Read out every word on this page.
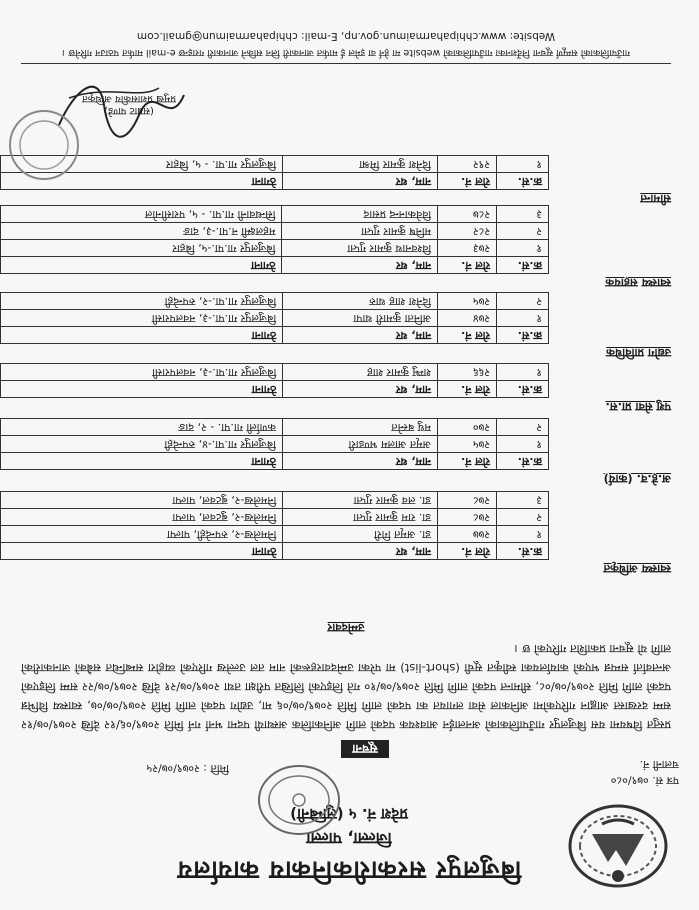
बिजुलपुर सरकारीकनिकाय कार्यालय
जिल्ला, पाल्ला
प्रदेश नं. ५ (लुम्बिनी)
पत्र सं. ०७९/०८०
चलानी नं.
मिति : २०७९/०७/२५
सूचना
प्रस्तुत विषयमा यस बिजुलपुर गाउँपालिकाको अनलाईन आवश्यक पदको लागि अनिकालिक अस्थायी पदमा भर्ना गर्न मिति २०७९/०६/१२ देखि २०७९/०७/१२ सम्म दरखास्त आह्वान गरिएकोमा अनिकाल सेवा लगायत का पदको लागि मिति २०७९/०७/०६ मा, उद्योग पदको लागि मिति २०७९/०७/०७, स्वास्थ्य विभिन्न पदको लागि मिति २०७९/०७/०८, सीमान्त पदको लागि मिति २०७९/०७/१० गते लिइएको लिखित परीक्षा तथा २०७९/०७/२१ देखि २०७९/०७/२२ सम्म लिइएको अन्तर्वार्ता सम्पन्न भएको कार्यालयका स्वीकृत सूची (short-list) मा परेका उम्मेदवारहरूको नाम तल उल्लेख गरिएको व्यहोरा सम्बन्धित सबैको जानकारीको लागि यो सूचना प्रकाशित गरिएको छ ।
उम्मेदवार
स्वास्थ्य अधिकृत
क्र.सं.	रोल नं.	नाम, थर	ठेगाना
१	२७७	डा. अमृत गिरी	निमलेख-२, रुपन्देही, पाल्पा
२	२७८	डा. राम कुमार गुप्ता	निमलेख-२, बुटवल, पाल्पा
३	२७८	डा. लव कुमार गुप्ता	निमलेख-२, बुटवल, पाल्पा
अ.हे.व. (कार्य)
क्र.सं.	रोल नं.	नाम, थर	ठेगाना
१	२७५	अमृत आलम भण्डारी	बिजुलपुर गा.पा.-४, रुपन्देही
२	२७०	मधु बस्नेत	कर्णाली गा.पा. - २, दाङ
पशु सेवा प्रा.स.
क्र.सं.	रोल नं.	नाम, थर	ठेगाना
१	२६६	शम्भु कुमार शाह	बिजुलपुर गा.पा.-३, नवलपरासी
उद्योग प्राविधिक
क्र.सं.	रोल नं.	नाम, थर	ठेगाना
१	२७४	अनिता कुमारी थापा	बिजुलपुर गा.पा.-३, नवलपरासी
२	२७५	दिनेश शाह थारु	बिजुलपुर गा.पा.-२, रुपन्देही
स्वास्थ्य सहायक
क्र.सं.	रोल नं.	नाम, थर	ठेगाना
१	२७३	विश्वनाथ कुमार गुप्ता	बिजुलपुर गा.पा.-५, बिहार
२	२८२	मनिष कुमार गुप्ता	महलक्ष्मी न.पा.-३, दाङ
३	२८७	विवेकानन्द प्रसाद	सिन्धवानी गा.पा. - ५, परासीनोल
सीमान्त
क्र.सं.	रोल नं.	नाम, थर	ठेगाना
१	२९२	दिनेश कुमार मिश्रा	बिजुलपुर गा.पा. - ५, बिहार
(सम्राट पाण्डे)
प्रमुख प्रशासकीय अधिकृत
गाउँपालिकाको सम्पूर्ण सूचना निर्देशनका गाउँपालिकाको website मा हेर्न वा इमेल ई मार्फत जानकारी लिन सकिने जानकारी गराइन्छ e-mail मार्फत पठाउन गरिनेछ ।
Website: www.chhipaharmaimun.gov.np, E-mail: chhipaharmaimun@gmail.com
